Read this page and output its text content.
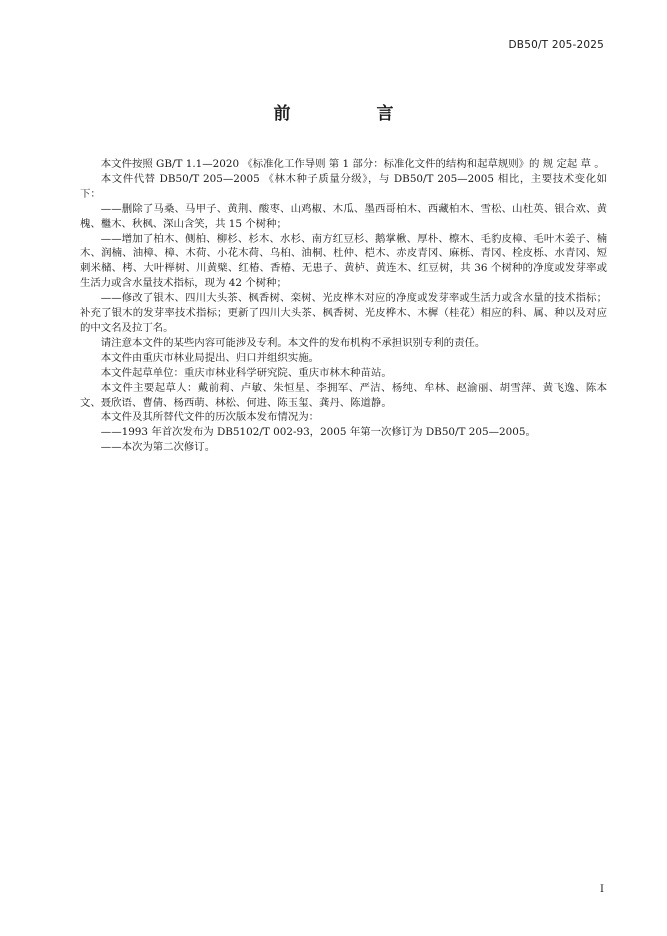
DB50/T 205-2025
前 言

本文件按照 GB/T 1.1—2020 《标准化工作导则 第 1 部分：标准化文件的结构和起草规则》的 规 定起 草 。

本文件代替 DB50/T 205—2005 《林木种子质量分级》，与 DB50/T 205—2005 相比，主要技术变化如下：

——删除了马桑、马甲子、黄荆、酸枣、山鸡椒、木瓜、墨西哥柏木、西藏柏木、雪松、山杜英、银合欢、黄槐、檵木、秋枫、深山含笑，共 15 个树种；

——增加了柏木、侧柏、柳杉、杉木、水杉、南方红豆杉、鹅掌楸、厚朴、檫木、毛豹皮樟、毛叶木姜子、楠木、润楠、油樟、樟、木荷、小花木荷、乌桕、油桐、杜仲、桤木、赤皮青冈、麻栎、青冈、栓皮栎、水青冈、短刺米槠、栲、大叶榉树、川黄檗、红椿、香椿、无患子、黄栌、黄连木、红豆树，共 36 个树种的净度或发芽率或生活力或含水量技术指标，现为 42 个树种；

——修改了银木、四川大头茶、枫香树、栾树、光皮桦木对应的净度或发芽率或生活力或含水量的技术指标；补充了银木的发芽率技术指标；更新了四川大头茶、枫香树、光皮桦木、木樨（桂花）相应的科、属、种以及对应的中文名及拉丁名。

请注意本文件的某些内容可能涉及专利。本文件的发布机构不承担识别专利的责任。

本文件由重庆市林业局提出、归口并组织实施。

本文件起草单位：重庆市林业科学研究院、重庆市林木种苗站。

本文件主要起草人：戴前莉、卢敏、朱恒星、李拥军、严洁、杨纯、牟林、赵渝丽、胡雪萍、黄飞逸、陈本文、聂欣语、曹倩、杨西萌、林松、何进、陈玉玺、龚丹、陈道静。

本文件及其所替代文件的历次版本发布情况为：

——1993 年首次发布为 DB5102/T 002-93，2005 年第一次修订为 DB50/T 205—2005。

——本次为第二次修订。

I
